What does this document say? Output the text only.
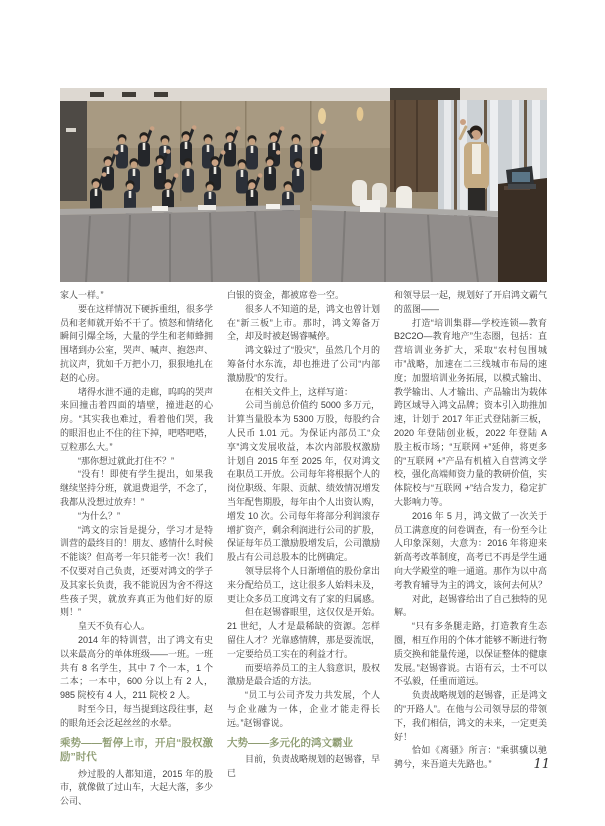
家人一样。”

要在这样情况下硬拆重组，很多学员和老师就开始不干了。愤怒和情绪化瞬间引爆全场，大量的学生和老师蜂拥围堵到办公室，哭声、喊声、抱怨声、抗议声，犹如千万把小刀，狠狠地扎在赵的心房。

堵得水泄不通的走廊，呜呜的哭声来回撞击着四面的墙壁，撞进赵的心房。“其实我也难过，看着他们哭，我的眼泪也止不住的往下掉，吧嗒吧嗒，豆粒那么大。”

“那你想过就此打住不？”

“没有！即使有学生提出，如果我继续坚持分班，就退费退学，不念了，我都从没想过放弃！”

“为什么？”

“鸿文的宗旨是提分，学习才是特训营的最终目的！朋友、感情什么时候不能谈？但高考一年只能考一次！我们不仅要对自己负责，还要对鸿文的学子及其家长负责，我不能说因为舍不得这些孩子哭，就放弃真正为他们好的原则！”

皇天不负有心人。

2014 年的特训营，出了鸿文有史以来最高分的单体班级——一班。一班共有 8 名学生，其中 7 个一本，1 个二本；一本中，600 分以上有 2 人，985 院校有 4 人，211 院校 2 人。

时至今日，每当提到这段往事，赵的眼角还会泛起丝丝的水晕。

乘势——暂停上市，开启“股权激励”时代

炒过股的人都知道，2015 年的股市，就像做了过山车，大起大落，多少公司、

白银的资金，都被席卷一空。

很多人不知道的是，鸿文也曾计划在“新三板”上市。那时，鸿文筹备万全，却及时被赵锡睿喊停。

鸿文躲过了“股灾”，虽然几个月的筹备付水东流，却也推进了公司“内部激励股”的发行。

在相关文件上，这样写道：

公司当前总价值约 5000 多万元，计算当量股本为 5300 万股，每股约合人民币 1.01 元。为保证内部员工“众享”鸿文发展收益，本次内部股权激励计划自 2015 年至 2025 年，仅对鸿文在职员工开放。公司每年将根据个人的岗位职级、年限、贡献、绩效情况增发当年配售期股，每年由个人出资认购，增发 10 次。公司每年将部分利润滚存增扩资产，剩余利润进行公司的扩股，保证每年员工激励股增发后，公司激励股占有公司总股本的比例确定。

领导层将个人日渐增值的股份拿出来分配给员工，这让很多人始料未及，更让众多员工度鸿文有了家的归属感。

但在赵锡睿眼里，这仅仅是开始。21 世纪，人才是最稀缺的资源。怎样留住人才？光靠感情牌，那是耍流氓，一定要给员工实在的利益才行。

而要培养员工的主人翁意识，股权激励是最合适的方法。

“员工与公司齐发力共发展，个人与企业融为一体，企业才能走得长远。”赵锡睿说。

大势——多元化的鸿文霸业

目前，负责战略规划的赵锡睿，早已

和领导层一起，规划好了开启鸿文霸气的蓝图——

打造“培训集群—学校连锁—教育B2C2O—教育地产”生态圈，包括：直营培训业务扩大，采取“农村包围城市”战略，加速在二三线城市布局的速度；加盟培训业务拓展，以模式输出、教学输出、人才输出、产品输出为载体跨区域导入鸿文品牌；资本引入助推加速，计划于 2017 年正式登陆新三板，2020 年登陆创业板，2022 年登陆 A 股主板市场；“互联网 +”延伸，将更多的“互联网 +”产品有机植入自营鸿文学校，强化高端师资力量的教研价值，实体院校与“互联网 +”结合发力，稳定扩大影响力等。

2016 年 5 月，鸿文做了一次关于员工满意度的问卷调查，有一份至今让人印象深刻，大意为：2016 年将迎来新高考改革制度，高考已不再是学生通向大学殿堂的唯一通道。那作为以中高考教育辅导为主的鸿文，该何去何从？

对此，赵锡睿给出了自己独特的见解。

“只有多条腿走路，打造教育生态圈，相互作用的个体才能够不断进行物质交换和能量传递，以保证整体的健康发展。”赵锡睿说。古语有云，士不可以不弘毅，任重而道远。

负责战略规划的赵锡睿，正是鸿文的“开路人”。在他与公司领导层的带领下，我们相信，鸿文的未来，一定更美好！

恰如《离骚》所言：“乘骐骥以驰骋兮，来吾道夫先路也。”	11
